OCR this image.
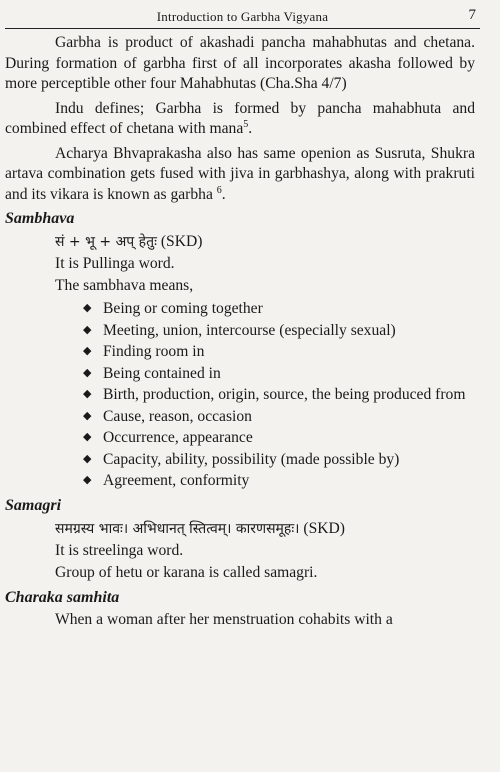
Introduction to Garbha Vigyana	7

Garbha is product of akashadi pancha mahabhutas and chetana. During formation of garbha first of all incorporates akasha followed by more perceptible other four Mahabhutas (Cha.Sha 4/7)

Indu defines; Garbha is formed by pancha mahabhuta and combined effect of chetana with mana$^5$.

Acharya Bhvaprakasha also has same openion as Susruta, Shukra artava combination gets fused with jiva in garbhashya, along with prakruti and its vikara is known as garbha $^6$.

Sambhava
सं + भू + अप् हेतुः (SKD)
It is Pullinga word.
The sambhava means,
◆ Being or coming together
◆ Meeting, union, intercourse (especially sexual)
◆ Finding room in
◆ Being contained in
◆ Birth, production, origin, source, the being produced from
◆ Cause, reason, occasion
◆ Occurrence, appearance
◆ Capacity, ability, possibility (made possible by)
◆ Agreement, conformity
Samagri
समग्रस्य भावः। अभिधानत् स्तित्वम्। कारणसमूहः। (SKD)
It is streelinga word.
Group of hetu or karana is called samagri.
Charaka samhita

When a woman after her menstruation cohabits with a
